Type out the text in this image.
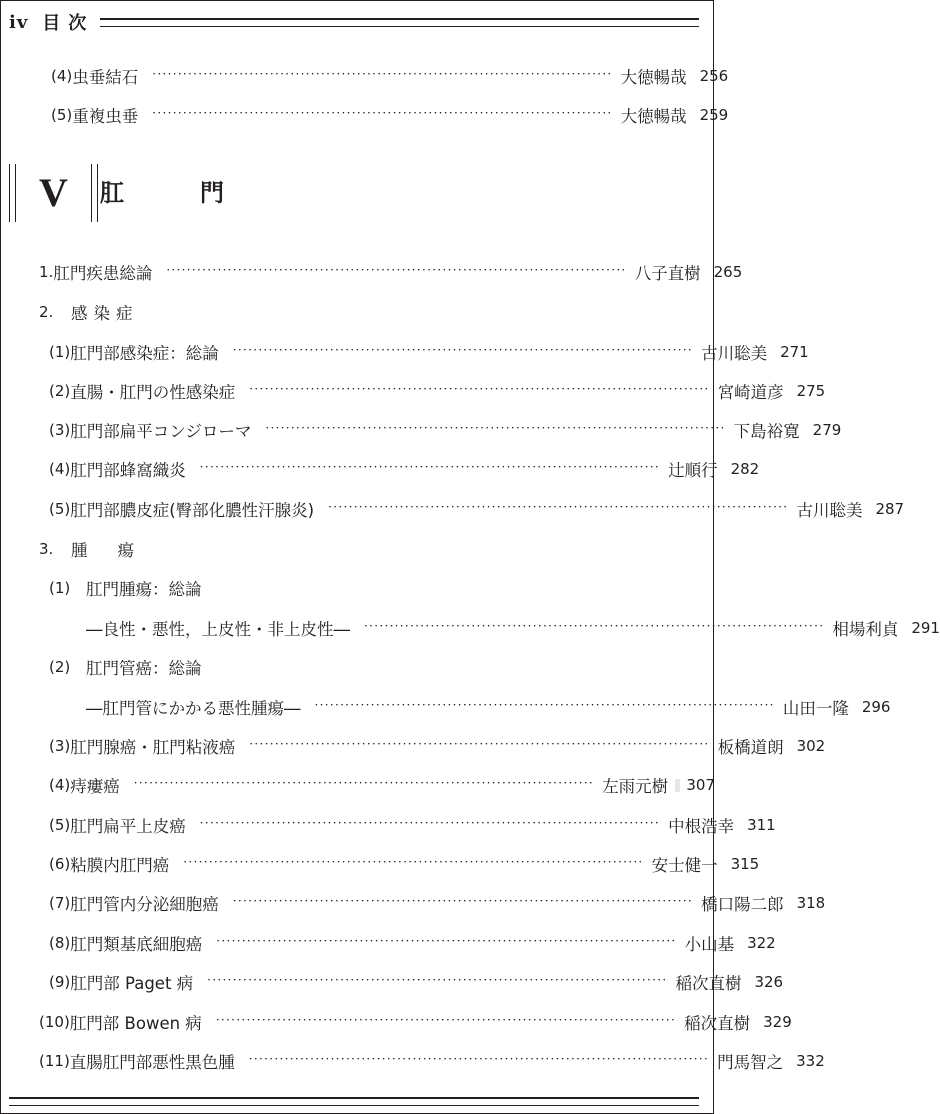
iv 目次
(4) 虫垂結石 ·························································································· 大徳 暢哉 256
(5) 重複虫垂 ·························································································· 大徳 暢哉 259
V 肛	門
1. 肛門疾患総論 ·························································································· 八子 直樹 265
2.	感染症
(1) 肛門部感染症：総論 ·························································································· 古川 聡美 271
(2) 直腸・肛門の性感染症 ·························································································· 宮崎 道彦 275
(3) 肛門部扁平コンジローマ ·························································································· 下島 裕寛 279
(4) 肛門部蜂窩織炎 ·························································································· 辻 順行 282
(5) 肛門部膿皮症(臀部化膿性汗腺炎) ·························································································· 古川 聡美 287
3.	腫瘍
(1) 肛門腫瘍：総論
―良性・悪性，上皮性・非上皮性― ·························································································· 相場 利貞 291
(2) 肛門管癌：総論
―肛門管にかかる悪性腫瘍― ·························································································· 山田 一隆 296
(3) 肛門腺癌・肛門粘液癌 ·························································································· 板橋 道朗 302
(4) 痔瘻癌 ·························································································· 左雨 元樹 307
(5) 肛門扁平上皮癌 ·························································································· 中根 浩幸 311
(6) 粘膜内肛門癌 ·························································································· 安士 健一 315
(7) 肛門管内分泌細胞癌 ·························································································· 橋口陽二郎 318
(8) 肛門類基底細胞癌 ·························································································· 小山 基 322
(9) 肛門部 Paget 病 ·························································································· 稲次 直樹 326
(10) 肛門部 Bowen 病 ·························································································· 稲次 直樹 329
(11) 直腸肛門部悪性黒色腫 ·························································································· 門馬 智之 332
